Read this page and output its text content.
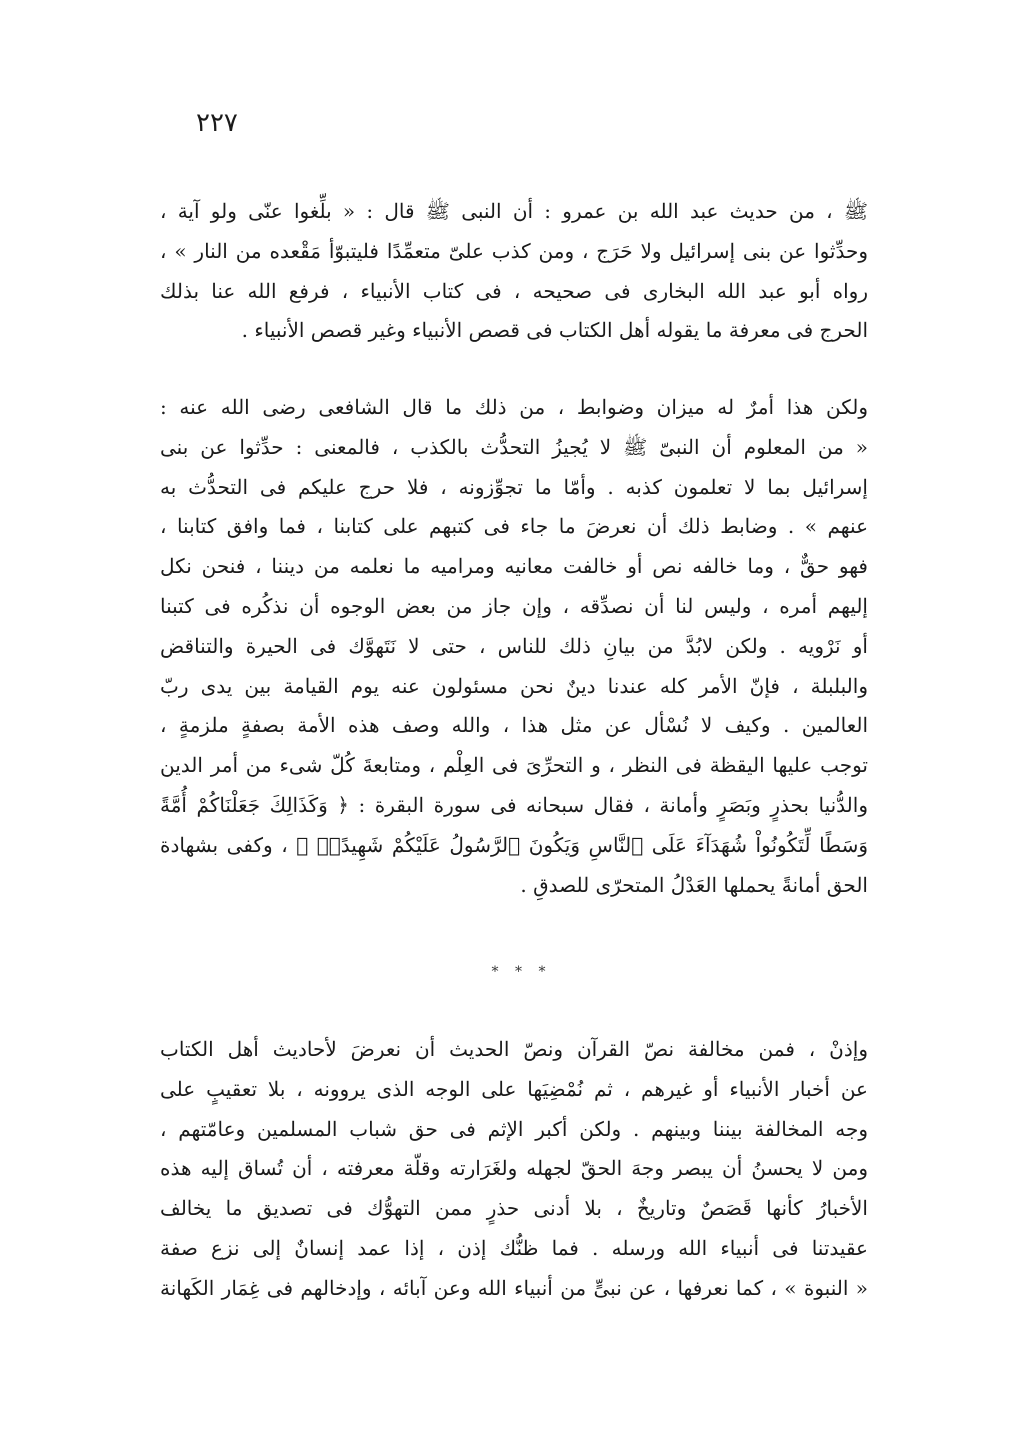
٢٢٧

ﷺ ، من حديث عبد الله بن عمرو : أن النبى ﷺ قال : « بلِّغوا عنّى ولو آية ،
وحدِّثوا عن بنى إسرائيل ولا حَرَج ، ومن كذب علىّ متعمِّدًا فليتبوّأ مَقْعده من النار » ،
رواه أبو عبد الله البخارى فى صحيحه ، فى كتاب الأنبياء ، فرفع الله عنا بذلك
الحرج فى معرفة ما يقوله أهل الكتاب فى قصص الأنبياء وغير قصص الأنبياء .

ولكن هذا أمرٌ له ميزان وضوابط ، من ذلك ما قال الشافعى رضى الله عنه :
« من المعلوم أن النبىّ ﷺ لا يُجيزُ التحدُّث بالكذب ، فالمعنى : حدِّثوا عن بنى
إسرائيل بما لا تعلمون كذبه . وأمّا ما تجوِّزونه ، فلا حرج عليكم فى التحدُّث به
عنهم » . وضابط ذلك أن نعرضَ ما جاء فى كتبهم على كتابنا ، فما وافق كتابنا ،
فهو حقٌّ ، وما خالفه نص أو خالفت معانيه ومراميه ما نعلمه من ديننا ، فنحن نكل
إليهم أمره ، وليس لنا أن نصدِّقه ، وإن جاز من بعض الوجوه أن نذكُره فى كتبنا
أو نَرْويه . ولكن لابُدَّ من بيانِ ذلك للناس ، حتى لا نَتَهوَّك فى الحيرة والتناقض
والبلبلة ، فإنّ الأمر كله عندنا دينٌ نحن مسئولون عنه يوم القيامة بين يدى ربّ
العالمين . وكيف لا نُسْأل عن مثل هذا ، والله وصف هذه الأمة بصفةٍ ملزمةٍ ،
توجب عليها اليقظة فى النظر ، و التحرِّىَ فى العِلْم ، ومتابعةَ كُلّ شىء من أمر الدين
والدُّنيا بحذرٍ وبَصَرٍ وأمانة ، فقال سبحانه فى سورة البقرة : ﴿ وَكَذَالِكَ جَعَلْنَاكُمْ أُمَّةً
وَسَطًا لِّتَكُونُواْ شُهَدَآءَ عَلَى ٱلنَّاسِ وَيَكُونَ ٱلرَّسُولُ عَلَيْكُمْ شَهِيدًاۗ ﴾ ، وكفى بشهادة
الحق أمانةً يحملها العَدْلُ المتحرّى للصدقِ .

* * *

وإذنْ ، فمن مخالفة نصّ القرآن ونصّ الحديث أن نعرضَ لأحاديث أهل الكتاب
عن أخبار الأنبياء أو غيرهم ، ثم نُمْضِيَها على الوجه الذى يروونه ، بلا تعقيبٍ على
وجه المخالفة بيننا وبينهم . ولكن أكبر الإثم فى حق شباب المسلمين وعامّتهم ،
ومن لا يحسنُ أن يبصر وجهَ الحقّ لجهله ولغَرَارته وقلّة معرفته ، أن تُساق إليه هذه
الأخبارُ كأنها قَصَصٌ وتاريخٌ ، بلا أدنى حذرٍ ممن التهوُّك فى تصديق ما يخالف
عقيدتنا فى أنبياء الله ورسله . فما ظنُّك إذن ، إذا عمد إنسانٌ إلى نزع صفة
« النبوة » ، كما نعرفها ، عن نبىٍّ من أنبياء الله وعن آبائه ، وإدخالهم فى غِمَار الكَهانة
